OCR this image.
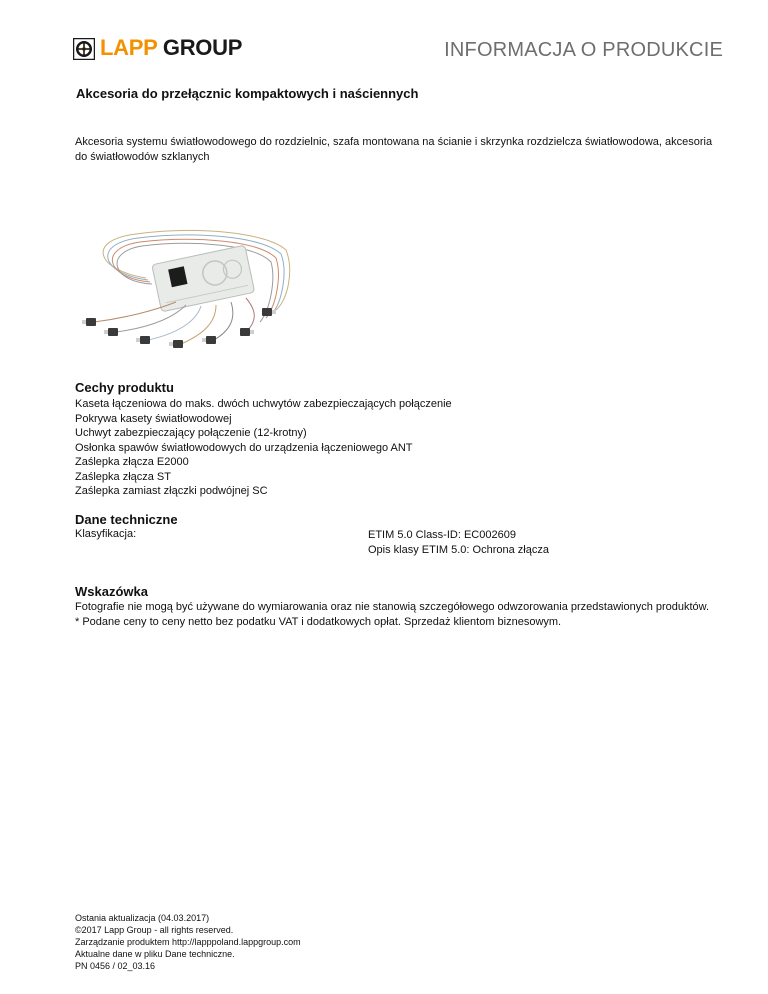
LAPP GROUP	INFORMACJA O PRODUKCIE
Akcesoria do przełącznic kompaktowych i naściennych
Akcesoria systemu światłowodowego do rozdzielnic, szafa montowana na ścianie i skrzynka rozdzielcza światłowodowa, akcesoria do światłowodów szklanych
Cechy produktu
Kaseta łączeniowa do maks. dwóch uchwytów zabezpieczających połączenie
Pokrywa kasety światłowodowej
Uchwyt zabezpieczający połączenie (12-krotny)
Osłonka spawów światłowodowych do urządzenia łączeniowego ANT
Zaślepka złącza E2000
Zaślepka złącza ST
Zaślepka zamiast złączki podwójnej SC
Dane techniczne
Klasyfikacja:	ETIM 5.0 Class-ID: EC002609
Opis klasy ETIM 5.0: Ochrona złącza
Wskazówka
Fotografie nie mogą być używane do wymiarowania oraz nie stanowią szczegółowego odwzorowania przedstawionych produktów.
* Podane ceny to ceny netto bez podatku VAT i dodatkowych opłat. Sprzedaż klientom biznesowym.
Ostania aktualizacja (04.03.2017)
©2017 Lapp Group - all rights reserved.
Zarządzanie produktem http://lapppoland.lappgroup.com
Aktualne dane w pliku Dane techniczne.
PN 0456 / 02_03.16
